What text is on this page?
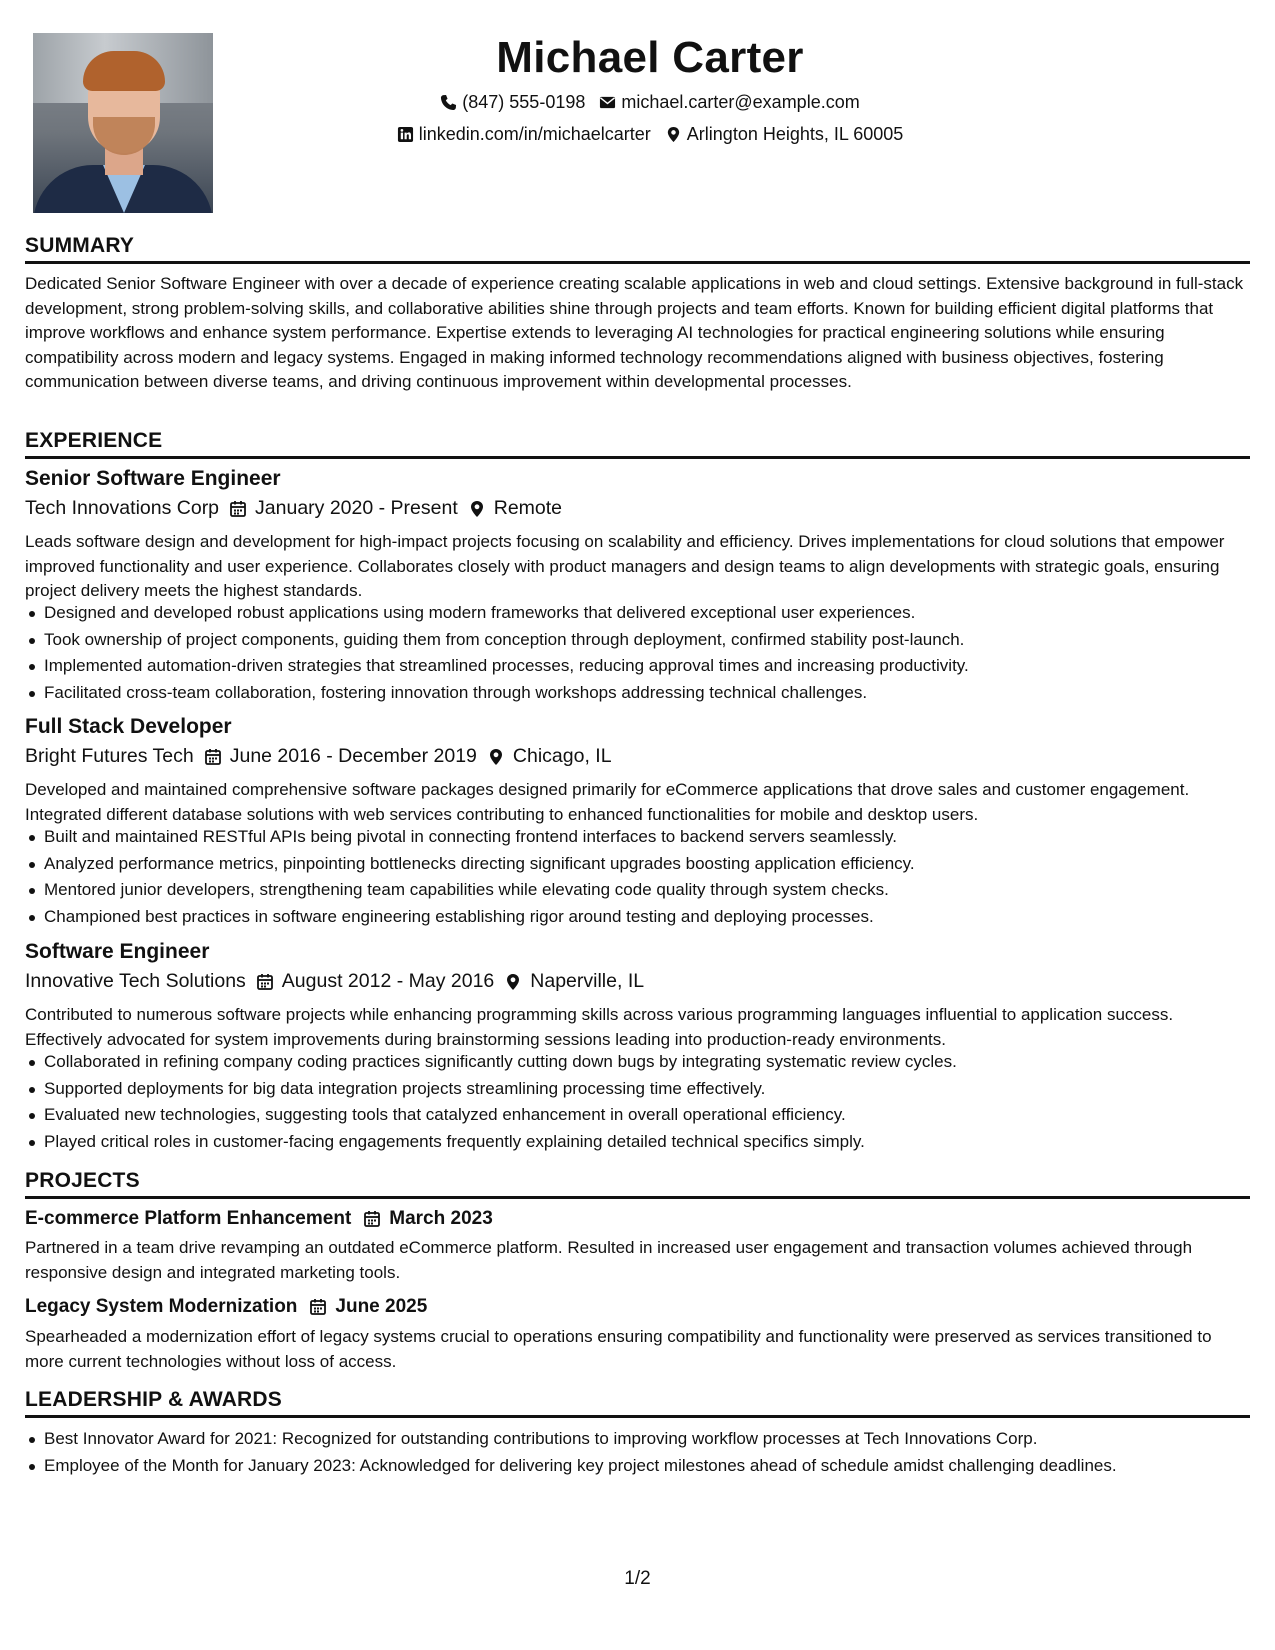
Michael Carter
(847) 555-0198 michael.carter@example.com
linkedin.com/in/michaelcarter Arlington Heights, IL 60005
SUMMARY
Dedicated Senior Software Engineer with over a decade of experience creating scalable applications in web and cloud settings. Extensive background in full-stack development, strong problem-solving skills, and collaborative abilities shine through projects and team efforts. Known for building efficient digital platforms that improve workflows and enhance system performance. Expertise extends to leveraging AI technologies for practical engineering solutions while ensuring compatibility across modern and legacy systems. Engaged in making informed technology recommendations aligned with business objectives, fostering communication between diverse teams, and driving continuous improvement within developmental processes.
EXPERIENCE
Senior Software Engineer
Tech Innovations Corp January 2020 - Present Remote
Leads software design and development for high-impact projects focusing on scalability and efficiency. Drives implementations for cloud solutions that empower improved functionality and user experience. Collaborates closely with product managers and design teams to align developments with strategic goals, ensuring project delivery meets the highest standards.
Designed and developed robust applications using modern frameworks that delivered exceptional user experiences.
Took ownership of project components, guiding them from conception through deployment, confirmed stability post-launch.
Implemented automation-driven strategies that streamlined processes, reducing approval times and increasing productivity.
Facilitated cross-team collaboration, fostering innovation through workshops addressing technical challenges.
Full Stack Developer
Bright Futures Tech June 2016 - December 2019 Chicago, IL
Developed and maintained comprehensive software packages designed primarily for eCommerce applications that drove sales and customer engagement. Integrated different database solutions with web services contributing to enhanced functionalities for mobile and desktop users.
Built and maintained RESTful APIs being pivotal in connecting frontend interfaces to backend servers seamlessly.
Analyzed performance metrics, pinpointing bottlenecks directing significant upgrades boosting application efficiency.
Mentored junior developers, strengthening team capabilities while elevating code quality through system checks.
Championed best practices in software engineering establishing rigor around testing and deploying processes.
Software Engineer
Innovative Tech Solutions August 2012 - May 2016 Naperville, IL
Contributed to numerous software projects while enhancing programming skills across various programming languages influential to application success. Effectively advocated for system improvements during brainstorming sessions leading into production-ready environments.
Collaborated in refining company coding practices significantly cutting down bugs by integrating systematic review cycles.
Supported deployments for big data integration projects streamlining processing time effectively.
Evaluated new technologies, suggesting tools that catalyzed enhancement in overall operational efficiency.
Played critical roles in customer-facing engagements frequently explaining detailed technical specifics simply.
PROJECTS
E-commerce Platform Enhancement March 2023
Partnered in a team drive revamping an outdated eCommerce platform. Resulted in increased user engagement and transaction volumes achieved through responsive design and integrated marketing tools.
Legacy System Modernization June 2025
Spearheaded a modernization effort of legacy systems crucial to operations ensuring compatibility and functionality were preserved as services transitioned to more current technologies without loss of access.
LEADERSHIP & AWARDS
Best Innovator Award for 2021: Recognized for outstanding contributions to improving workflow processes at Tech Innovations Corp.
Employee of the Month for January 2023: Acknowledged for delivering key project milestones ahead of schedule amidst challenging deadlines.
1/2
